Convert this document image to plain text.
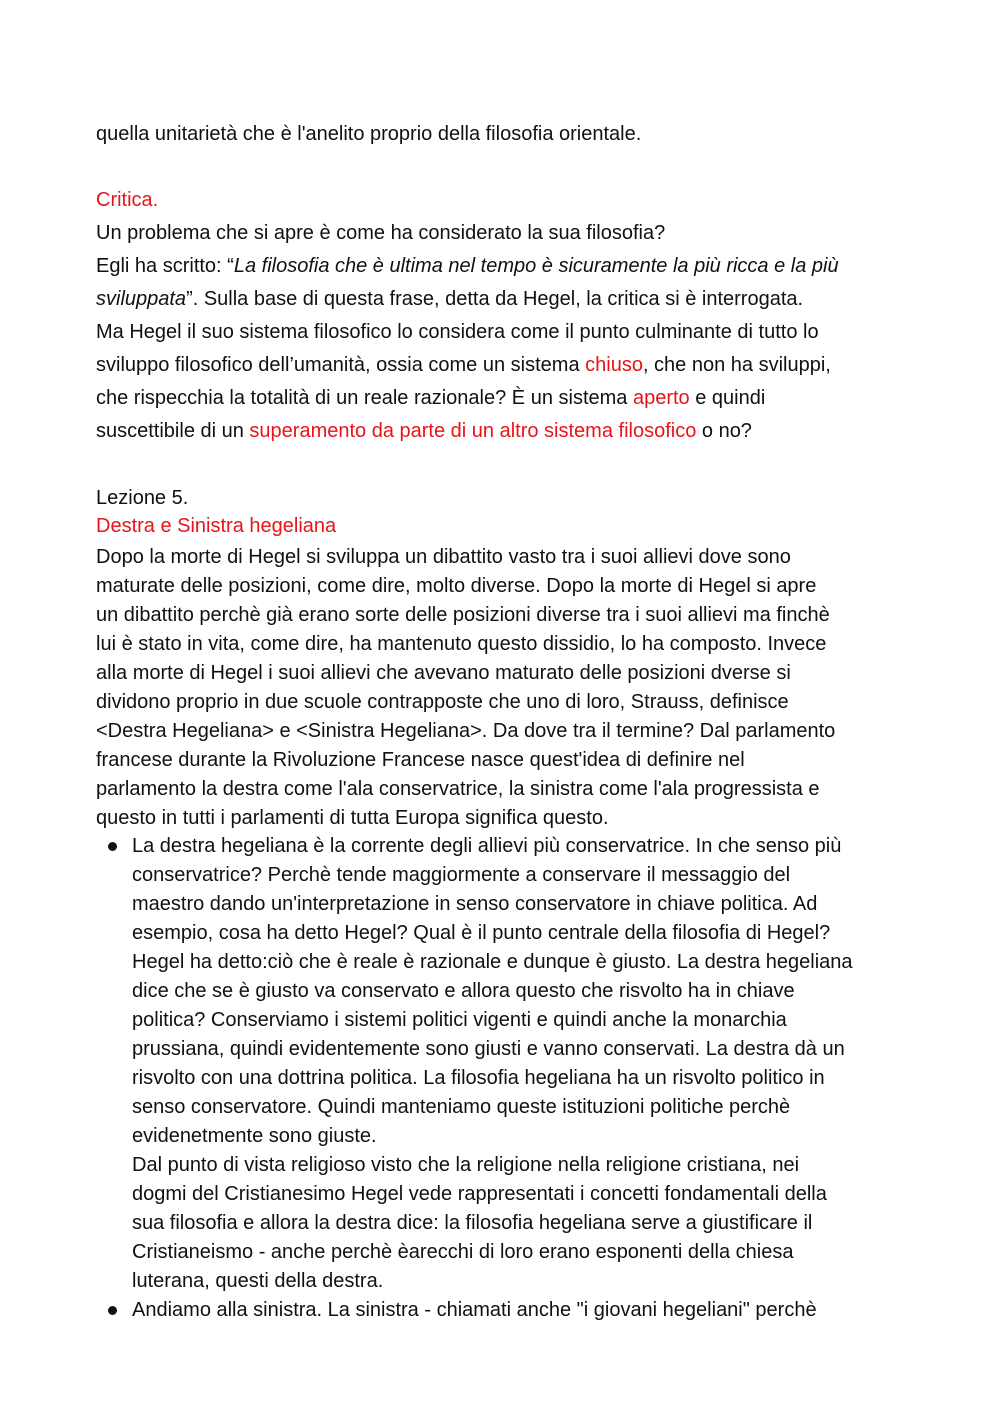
quella unitarietà che è l'anelito proprio della filosofia orientale.

Critica.

Un problema che si apre è come ha considerato la sua filosofia?

Egli ha scritto: “La filosofia che è ultima nel tempo è sicuramente la più ricca e la più

sviluppata”. Sulla base di questa frase, detta da Hegel, la critica si è interrogata.

Ma Hegel il suo sistema filosofico lo considera come il punto culminante di tutto lo

sviluppo filosofico dell’umanità, ossia come un sistema chiuso, che non ha sviluppi,

che rispecchia la totalità di un reale razionale? È un sistema aperto e quindi

suscettibile di un superamento da parte di un altro sistema filosofico o no?

Lezione 5.

Destra e Sinistra hegeliana

Dopo la morte di Hegel si sviluppa un dibattito vasto tra i suoi allievi dove sono
maturate delle posizioni, come dire, molto diverse. Dopo la morte di Hegel si apre
un dibattito perchè già erano sorte delle posizioni diverse tra i suoi allievi ma finchè
lui è stato in vita, come dire, ha mantenuto questo dissidio, lo ha composto. Invece
alla morte di Hegel i suoi allievi che avevano maturato delle posizioni dverse si
dividono proprio in due scuole contrapposte che uno di loro, Strauss, definisce
<Destra Hegeliana> e <Sinistra Hegeliana>. Da dove tra il termine? Dal parlamento
francese durante la Rivoluzione Francese nasce quest'idea di definire nel
parlamento la destra come l'ala conservatrice, la sinistra come l'ala progressista e
questo in tutti i parlamenti di tutta Europa significa questo.
La destra hegeliana è la corrente degli allievi più conservatrice. In che senso più
conservatrice? Perchè tende maggiormente a conservare il messaggio del
maestro dando un'interpretazione in senso conservatore in chiave politica. Ad
esempio, cosa ha detto Hegel? Qual è il punto centrale della filosofia di Hegel?
Hegel ha detto:ciò che è reale è razionale e dunque è giusto. La destra hegeliana
dice che se è giusto va conservato e allora questo che risvolto ha in chiave
politica? Conserviamo i sistemi politici vigenti e quindi anche la monarchia
prussiana, quindi evidentemente sono giusti e vanno conservati. La destra dà un
risvolto con una dottrina politica. La filosofia hegeliana ha un risvolto politico in
senso conservatore. Quindi manteniamo queste istituzioni politiche perchè
evidenetmente sono giuste.
Dal punto di vista religioso visto che la religione nella religione cristiana, nei
dogmi del Cristianesimo Hegel vede rappresentati i concetti fondamentali della
sua filosofia e allora la destra dice: la filosofia hegeliana serve a giustificare il
Cristianeismo - anche perchè èarecchi di loro erano esponenti della chiesa
luterana, questi della destra.
Andiamo alla sinistra. La sinistra - chiamati anche "i giovani hegeliani" perchè
